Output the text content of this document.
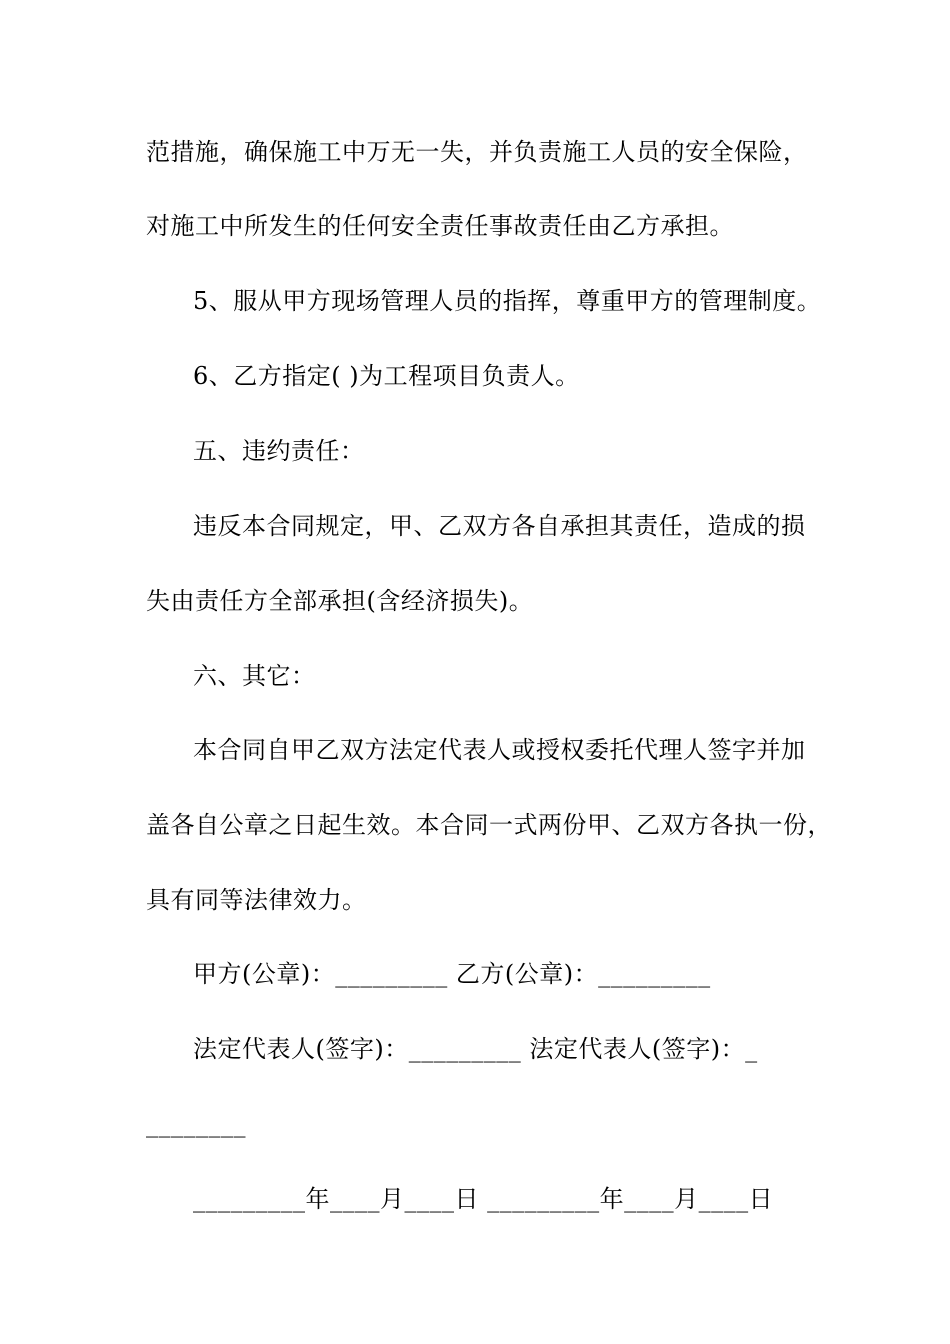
范措施，确保施工中万无一失，并负责施工人员的安全保险，
对施工中所发生的任何安全责任事故责任由乙方承担。
5、服从甲方现场管理人员的指挥，尊重甲方的管理制度。
6、乙方指定( )为工程项目负责人。
五、违约责任：
违反本合同规定，甲、乙双方各自承担其责任，造成的损
失由责任方全部承担(含经济损失)。
六、其它：
本合同自甲乙双方法定代表人或授权委托代理人签字并加
盖各自公章之日起生效。本合同一式两份甲、乙双方各执一份，
具有同等法律效力。
甲方(公章)：_________ 乙方(公章)：_________
法定代表人(签字)：_________ 法定代表人(签字)：_
________
_________年____月____日 _________年____月____日
